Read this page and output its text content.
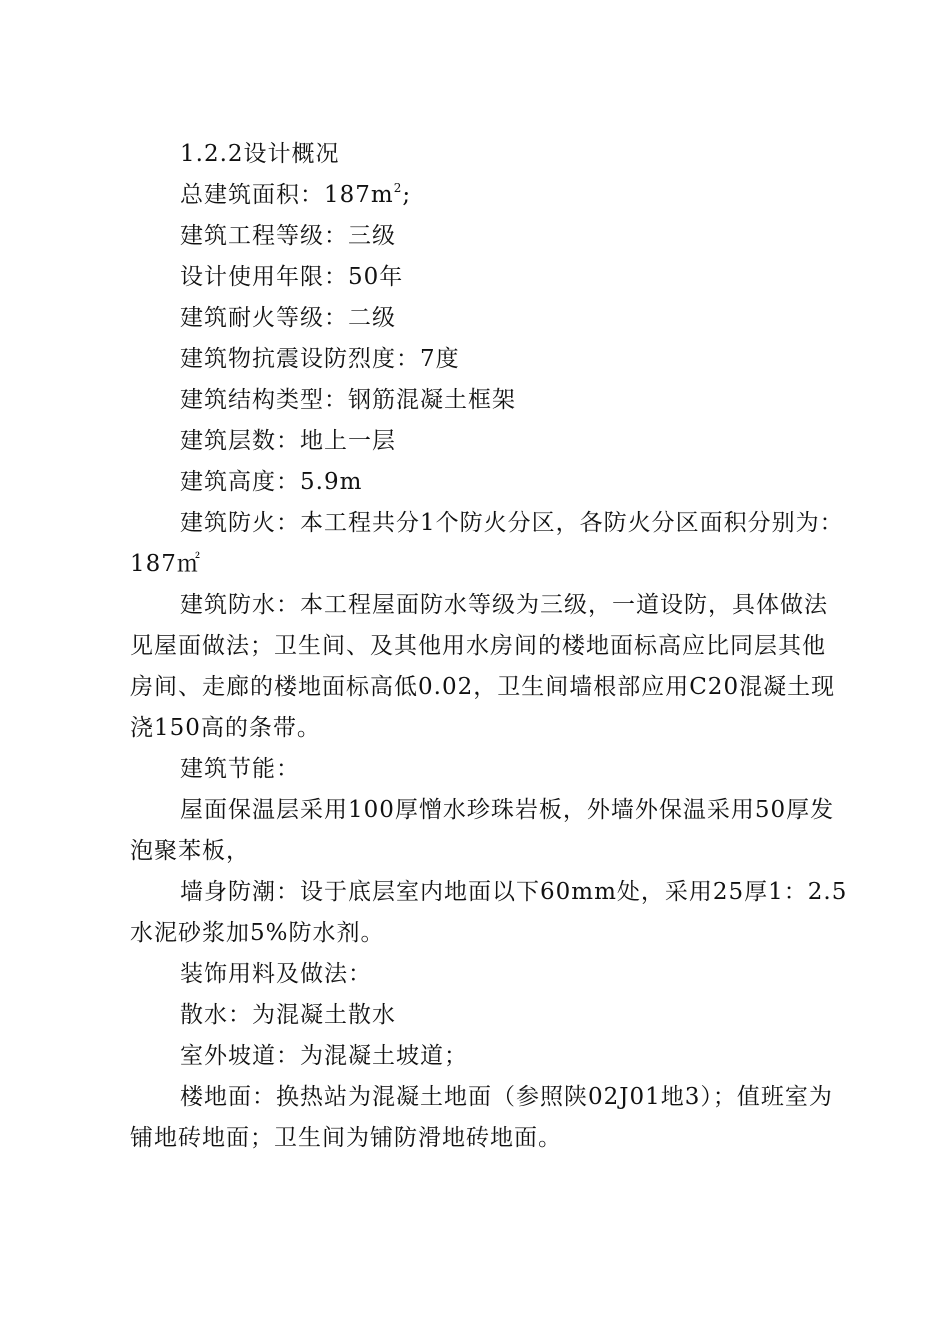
1.2.2设计概况
总建筑面积：$187m^2$;
建筑工程等级：三级
设计使用年限：50年
建筑耐火等级：二级
建筑物抗震设防烈度：7度
建筑结构类型：钢筋混凝土框架
建筑层数：地上一层
建筑高度：5.9m
建筑防火：本工程共分1个防火分区，各防火分区面积分别为：
187㎡
建筑防水：本工程屋面防水等级为三级，一道设防，具体做法
见屋面做法；卫生间、及其他用水房间的楼地面标高应比同层其他
房间、走廊的楼地面标高低0.02，卫生间墙根部应用C20混凝土现
浇150高的条带。
建筑节能：
屋面保温层采用100厚憎水珍珠岩板，外墙外保温采用50厚发
泡聚苯板，
墙身防潮：设于底层室内地面以下60mm处，采用25厚1：2.5
水泥砂浆加5%防水剂。
装饰用料及做法：
散水：为混凝土散水
室外坡道：为混凝土坡道；
楼地面：换热站为混凝土地面（参照陕02J01地3）；值班室为
铺地砖地面；卫生间为铺防滑地砖地面。
